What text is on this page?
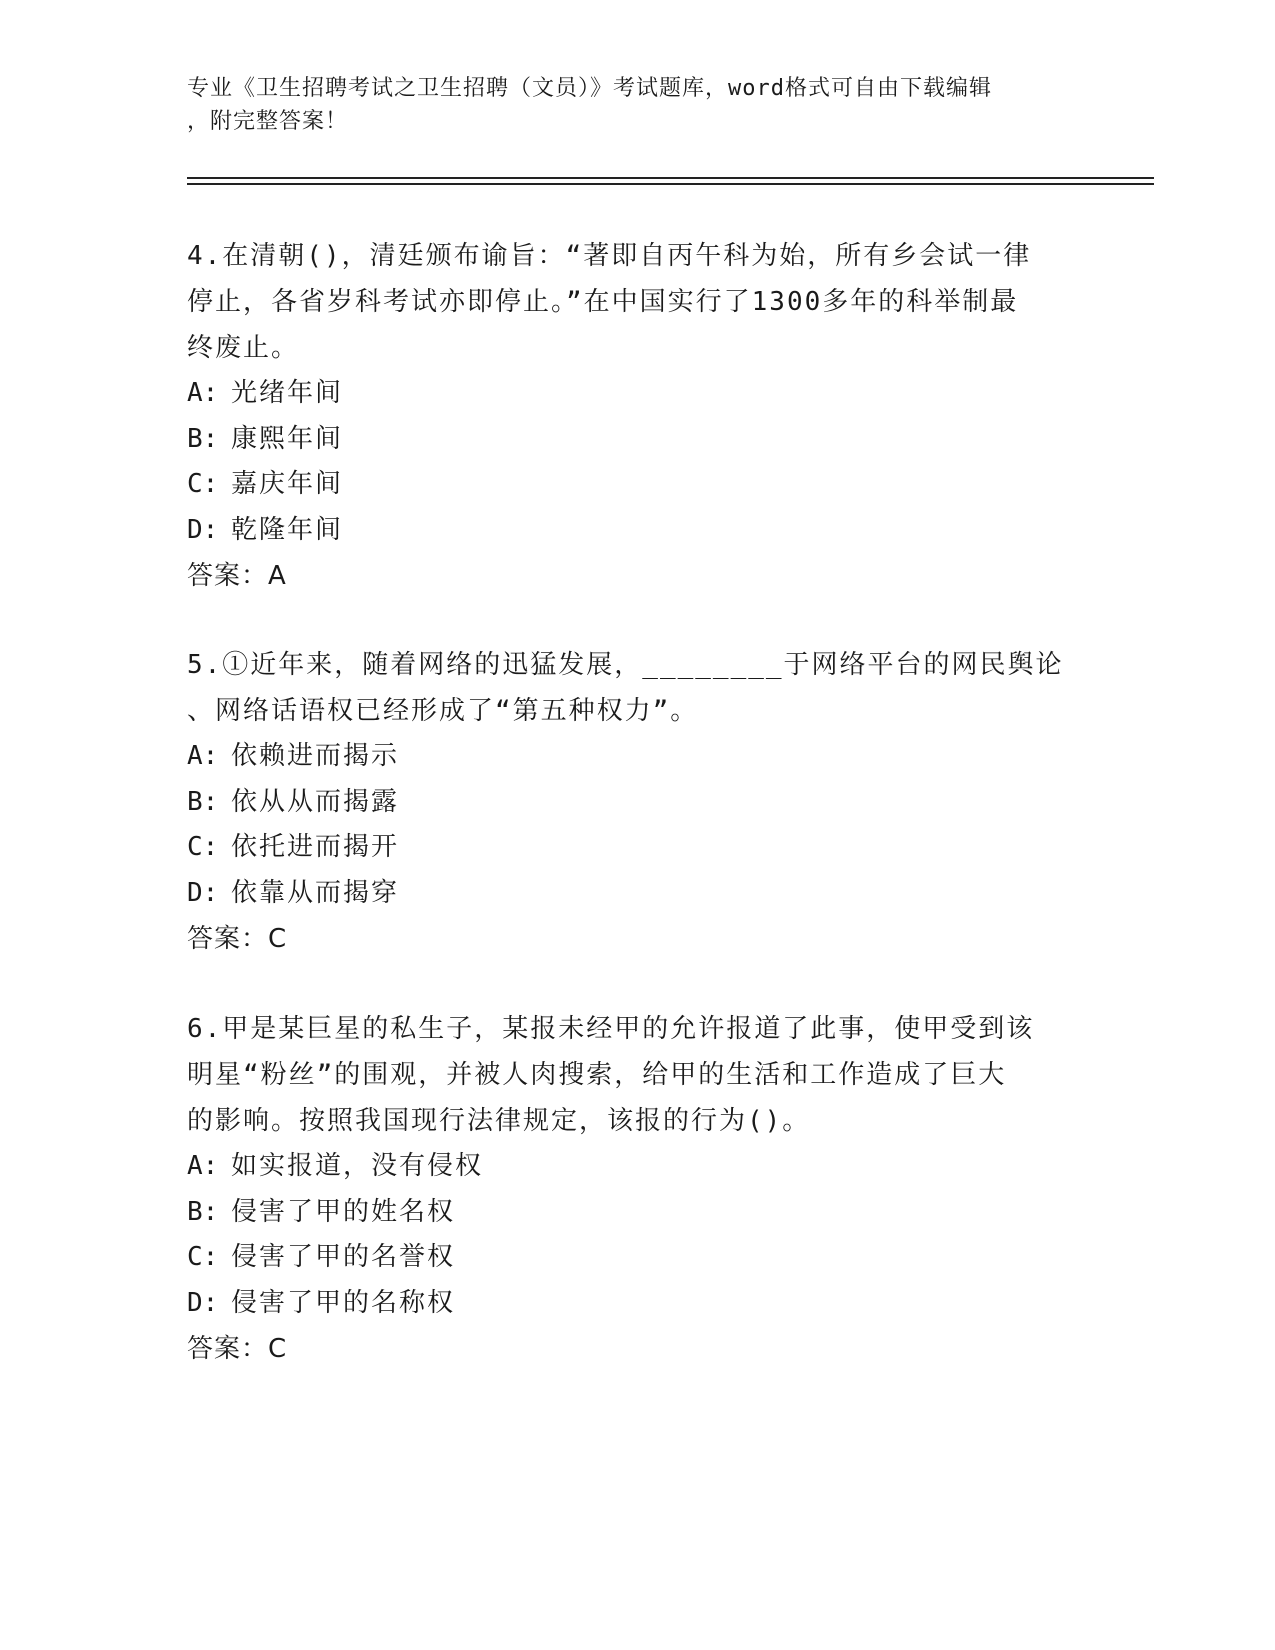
专业《卫生招聘考试之卫生招聘（文员）》考试题库，word格式可自由下载编辑
，附完整答案！

4.在清朝()，清廷颁布谕旨：“著即自丙午科为始，所有乡会试一律

停止，各省岁科考试亦即停止。”在中国实行了1300多年的科举制最

终废止。

A: 光绪年间

B: 康熙年间

C: 嘉庆年间

D: 乾隆年间

答案：A

5.①近年来，随着网络的迅猛发展，________于网络平台的网民舆论

、网络话语权已经形成了“第五种权力”。

A: 依赖进而揭示

B: 依从从而揭露

C: 依托进而揭开

D: 依靠从而揭穿

答案：C

6.甲是某巨星的私生子，某报未经甲的允许报道了此事，使甲受到该

明星“粉丝”的围观，并被人肉搜索，给甲的生活和工作造成了巨大

的影响。按照我国现行法律规定，该报的行为()。

A: 如实报道，没有侵权

B: 侵害了甲的姓名权

C: 侵害了甲的名誉权

D: 侵害了甲的名称权

答案：C
